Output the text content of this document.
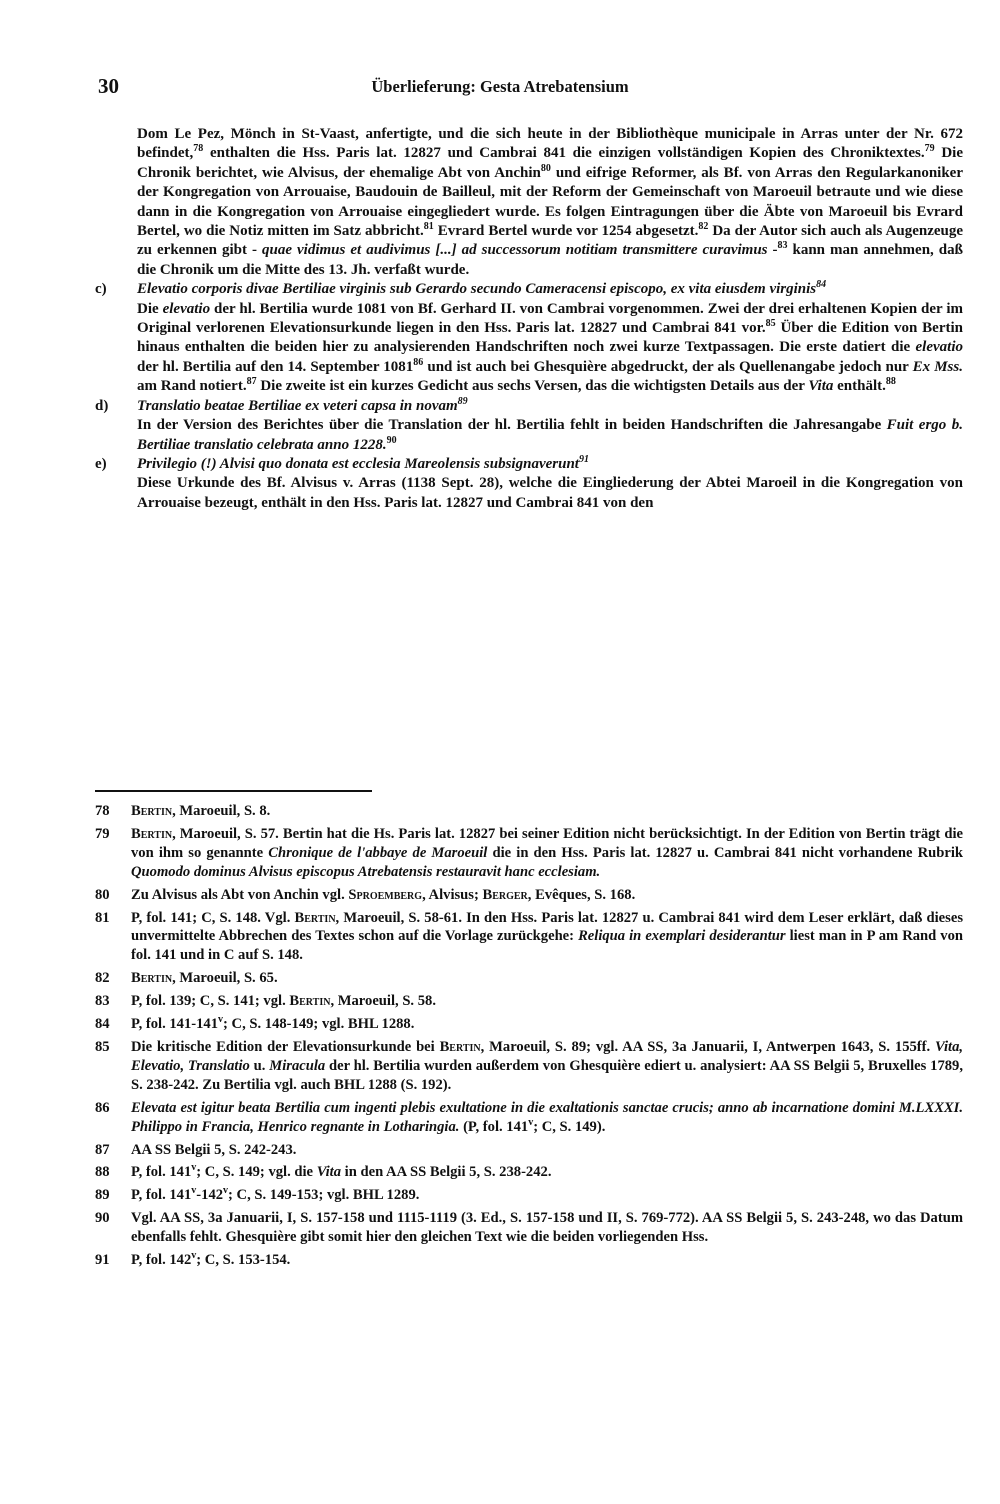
30	Überlieferung: Gesta Atrebatensium

Dom Le Pez, Mönch in St-Vaast, anfertigte, und die sich heute in der Bibliothèque municipale in Arras unter der Nr. 672 befindet,$^{78}$ enthalten die Hss. Paris lat. 12827 und Cambrai 841 die einzigen vollständigen Kopien des Chroniktextes.$^{79}$ Die Chronik berichtet, wie Alvisus, der ehemalige Abt von Anchin$^{80}$ und eifrige Reformer, als Bf. von Arras den Regularkanoniker der Kongregation von Arrouaise, Baudouin de Bailleul, mit der Reform der Gemeinschaft von Maroeuil betraute und wie diese dann in die Kongregation von Arrouaise eingegliedert wurde. Es folgen Eintragungen über die Äbte von Maroeuil bis Evrard Bertel, wo die Notiz mitten im Satz abbricht.$^{81}$ Evrard Bertel wurde vor 1254 abgesetzt.$^{82}$ Da der Autor sich auch als Augenzeuge zu erkennen gibt - quae vidimus et audivimus [...] ad successorum notitiam transmittere curavimus -$^{83}$ kann man annehmen, daß die Chronik um die Mitte des 13. Jh. verfaßt wurde.

c) Elevatio corporis divae Bertiliae virginis sub Gerardo secundo Cameracensi episcopo, ex vita eiusdem virginis$^{84}$

Die elevatio der hl. Bertilia wurde 1081 von Bf. Gerhard II. von Cambrai vorgenommen. Zwei der drei erhaltenen Kopien der im Original verlorenen Elevationsurkunde liegen in den Hss. Paris lat. 12827 und Cambrai 841 vor.$^{85}$ Über die Edition von Bertin hinaus enthalten die beiden hier zu analysierenden Handschriften noch zwei kurze Textpassagen. Die erste datiert die elevatio der hl. Bertilia auf den 14. September 1081$^{86}$ und ist auch bei Ghesquière abgedruckt, der als Quellenangabe jedoch nur Ex Mss. am Rand notiert.$^{87}$ Die zweite ist ein kurzes Gedicht aus sechs Versen, das die wichtigsten Details aus der Vita enthält.$^{88}$

d) Translatio beatae Bertiliae ex veteri capsa in novam$^{89}$

In der Version des Berichtes über die Translation der hl. Bertilia fehlt in beiden Handschriften die Jahresangabe Fuit ergo b. Bertiliae translatio celebrata anno 1228.90

e) Privilegio (!) Alvisi quo donata est ecclesia Mareolensis subsignaverunt$^{91}$

Diese Urkunde des Bf. Alvisus v. Arras (1138 Sept. 28), welche die Eingliederung der Abtei Maroeil in die Kongregation von Arrouaise bezeugt, enthält in den Hss. Paris lat. 12827 und Cambrai 841 von den

78 Bertin, Maroeuil, S. 8.
79 Bertin, Maroeuil, S. 57. Bertin hat die Hs. Paris lat. 12827 bei seiner Edition nicht berücksichtigt. In der Edition von Bertin trägt die von ihm so genannte Chronique de l'abbaye de Maroeuil die in den Hss. Paris lat. 12827 u. Cambrai 841 nicht vorhandene Rubrik Quomodo dominus Alvisus episcopus Atrebatensis restauravit hanc ecclesiam.
80 Zu Alvisus als Abt von Anchin vgl. Sproemberg, Alvisus; Berger, Evêques, S. 168.
81 P, fol. 141; C, S. 148. Vgl. Bertin, Maroeuil, S. 58-61. In den Hss. Paris lat. 12827 u. Cambrai 841 wird dem Leser erklärt, daß dieses unvermittelte Abbrechen des Textes schon auf die Vorlage zurückgehe: Reliqua in exemplari desiderantur liest man in P am Rand von fol. 141 und in C auf S. 148.
82 Bertin, Maroeuil, S. 65.
83 P, fol. 139; C, S. 141; vgl. Bertin, Maroeuil, S. 58.
84 P, fol. 141-141$^v$; C, S. 148-149; vgl. BHL 1288.
85 Die kritische Edition der Elevationsurkunde bei Bertin, Maroeuil, S. 89; vgl. AA SS, 3a Januarii, I, Antwerpen 1643, S. 155ff. Vita, Elevatio, Translatio u. Miracula der hl. Bertilia wurden außerdem von Ghesquière ediert u. analysiert: AA SS Belgii 5, Bruxelles 1789, S. 238-242. Zu Bertilia vgl. auch BHL 1288 (S. 192).
86 Elevata est igitur beata Bertilia cum ingenti plebis exultatione in die exaltationis sanctae crucis; anno ab incarnatione domini M.LXXXI. Philippo in Francia, Henrico regnante in Lotharingia. (P, fol. 141$^v$; C, S. 149).
87 AA SS Belgii 5, S. 242-243.
88 P, fol. 141$^v$; C, S. 149; vgl. die Vita in den AA SS Belgii 5, S. 238-242.
89 P, fol. 141$^v$-142$^v$; C, S. 149-153; vgl. BHL 1289.
90 Vgl. AA SS, 3a Januarii, I, S. 157-158 und 1115-1119 (3. Ed., S. 157-158 und II, S. 769-772). AA SS Belgii 5, S. 243-248, wo das Datum ebenfalls fehlt. Ghesquière gibt somit hier den gleichen Text wie die beiden vorliegenden Hss.
91 P, fol. 142$^v$; C, S. 153-154.
